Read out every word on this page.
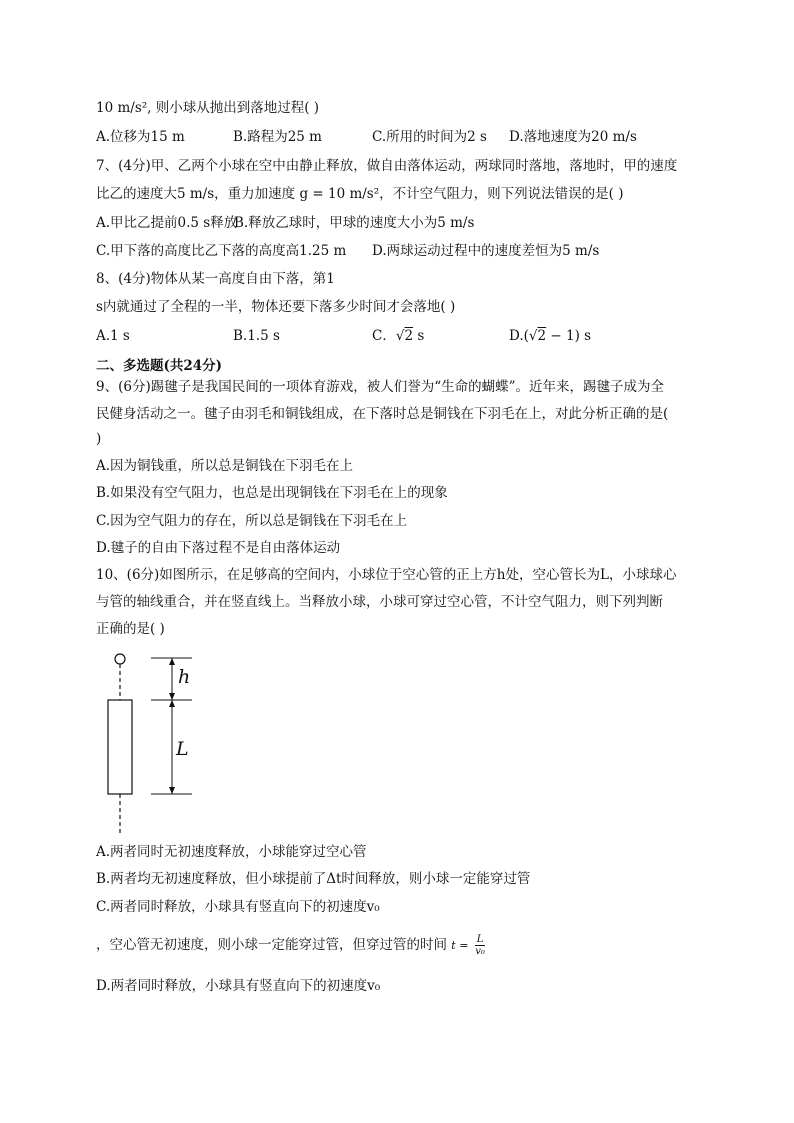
10 m/s², 则小球从抛出到落地过程( )
A.位移为15 m	B.路程为25 m	C.所用的时间为2 s D.落地速度为20 m/s
7、(4分)甲、乙两个小球在空中由静止释放，做自由落体运动，两球同时落地，落地时，甲的速度
比乙的速度大5 m/s，重力加速度 g = 10 m/s²，不计空气阻力，则下列说法错误的是( )
A.甲比乙提前0.5 s释放
B.释放乙球时，甲球的速度大小为5 m/s
C.甲下落的高度比乙下落的高度高1.25 m D.两球运动过程中的速度差恒为5 m/s
8、(4分)物体从某一高度自由下落，第1
s内就通过了全程的一半，物体还要下落多少时间才会落地( )
A.1 s	B.1.5 s	C．√2 s	D.(√2 − 1) s
二、多选题(共24分)
9、(6分)踢毽子是我国民间的一项体育游戏，被人们誉为“生命的蝴蝶”。近年来，踢毽子成为全
民健身活动之一。毽子由羽毛和铜钱组成，在下落时总是铜钱在下羽毛在上，对此分析正确的是(
)
A.因为铜钱重，所以总是铜钱在下羽毛在上
B.如果没有空气阻力，也总是出现铜钱在下羽毛在上的现象
C.因为空气阻力的存在，所以总是铜钱在下羽毛在上
D.毽子的自由下落过程不是自由落体运动
10、(6分)如图所示，在足够高的空间内，小球位于空心管的正上方h处，空心管长为L，小球球心
与管的轴线重合，并在竖直线上。当释放小球，小球可穿过空心管，不计空气阻力，则下列判断
正确的是( )
h
L
A.两者同时无初速度释放，小球能穿过空心管
B.两者均无初速度释放，但小球提前了Δt时间释放，则小球一定能穿过管
C.两者同时释放，小球具有竖直向下的初速度v₀
，空心管无初速度，则小球一定能穿过管，但穿过管的时间 $t = \frac{L}{\text{v₀}}$
D.两者同时释放，小球具有竖直向下的初速度v₀
